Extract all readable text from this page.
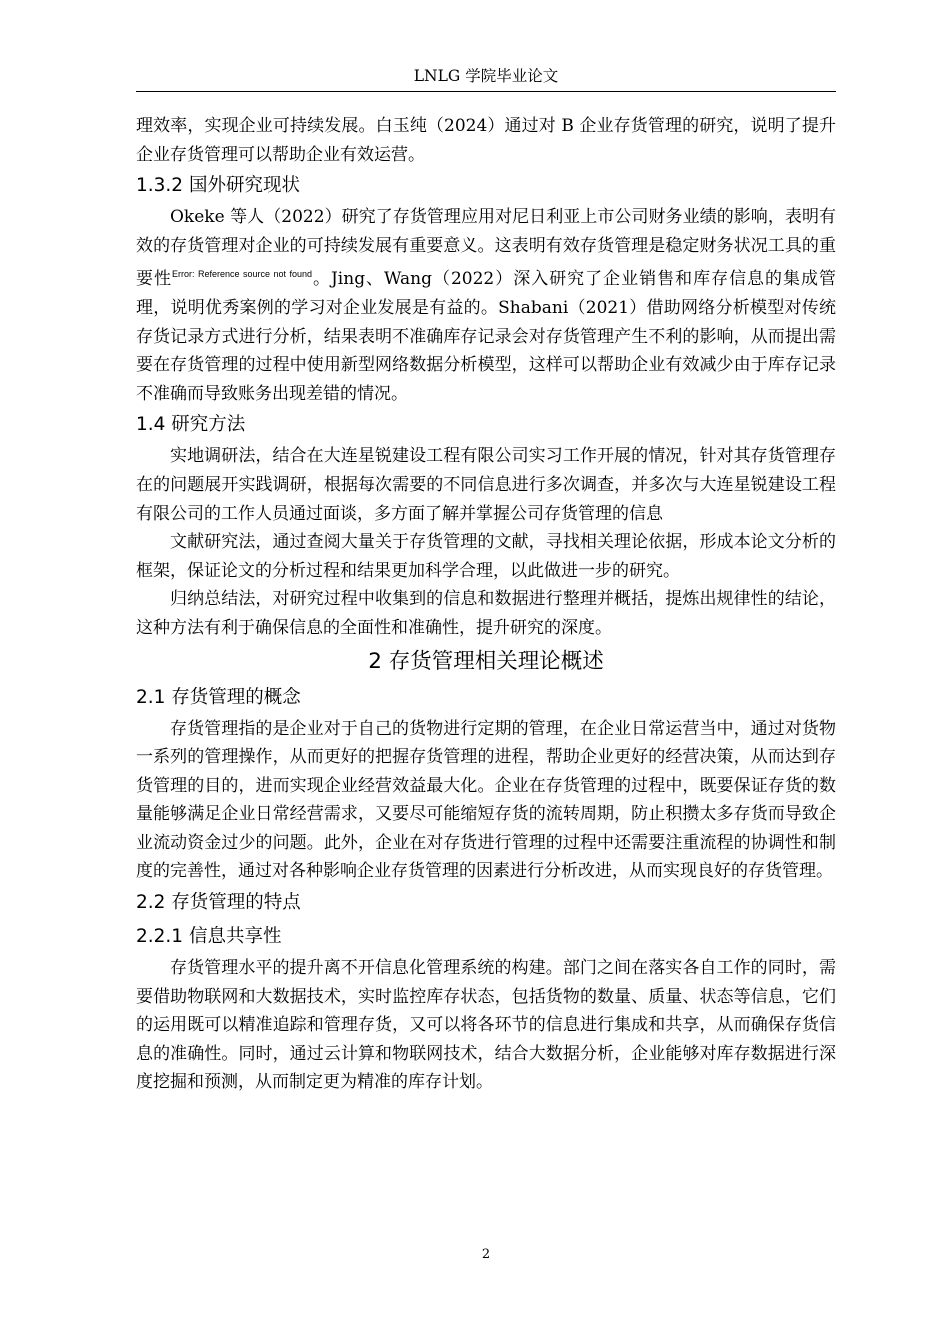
LNLG 学院毕业论文

理效率，实现企业可持续发展。白玉纯（2024）通过对 B 企业存货管理的研究，说明了提升企业存货管理可以帮助企业有效运营。

1.3.2 国外研究现状

Okeke 等人（2022）研究了存货管理应用对尼日利亚上市公司财务业绩的影响，表明有效的存货管理对企业的可持续发展有重要意义。这表明有效存货管理是稳定财务状况工具的重要性$^{Error: Reference source not found}$。Jing、Wang（2022）深入研究了企业销售和库存信息的集成管理，说明优秀案例的学习对企业发展是有益的。Shabani（2021）借助网络分析模型对传统存货记录方式进行分析，结果表明不准确库存记录会对存货管理产生不利的影响，从而提出需要在存货管理的过程中使用新型网络数据分析模型，这样可以帮助企业有效减少由于库存记录不准确而导致账务出现差错的情况。

1.4 研究方法

实地调研法，结合在大连星锐建设工程有限公司实习工作开展的情况，针对其存货管理存在的问题展开实践调研，根据每次需要的不同信息进行多次调查，并多次与大连星锐建设工程有限公司的工作人员通过面谈，多方面了解并掌握公司存货管理的信息

文献研究法，通过查阅大量关于存货管理的文献，寻找相关理论依据，形成本论文分析的框架，保证论文的分析过程和结果更加科学合理，以此做进一步的研究。

归纳总结法，对研究过程中收集到的信息和数据进行整理并概括，提炼出规律性的结论，这种方法有利于确保信息的全面性和准确性，提升研究的深度。

2 存货管理相关理论概述
2.1 存货管理的概念

存货管理指的是企业对于自己的货物进行定期的管理，在企业日常运营当中，通过对货物一系列的管理操作，从而更好的把握存货管理的进程，帮助企业更好的经营决策，从而达到存货管理的目的，进而实现企业经营效益最大化。企业在存货管理的过程中，既要保证存货的数量能够满足企业日常经营需求，又要尽可能缩短存货的流转周期，防止积攒太多存货而导致企业流动资金过少的问题。此外，企业在对存货进行管理的过程中还需要注重流程的协调性和制度的完善性，通过对各种影响企业存货管理的因素进行分析改进，从而实现良好的存货管理。

2.2 存货管理的特点
2.2.1 信息共享性

存货管理水平的提升离不开信息化管理系统的构建。部门之间在落实各自工作的同时，需要借助物联网和大数据技术，实时监控库存状态，包括货物的数量、质量、状态等信息，它们的运用既可以精准追踪和管理存货，又可以将各环节的信息进行集成和共享，从而确保存货信息的准确性。同时，通过云计算和物联网技术，结合大数据分析，企业能够对库存数据进行深度挖掘和预测，从而制定更为精准的库存计划。

2
